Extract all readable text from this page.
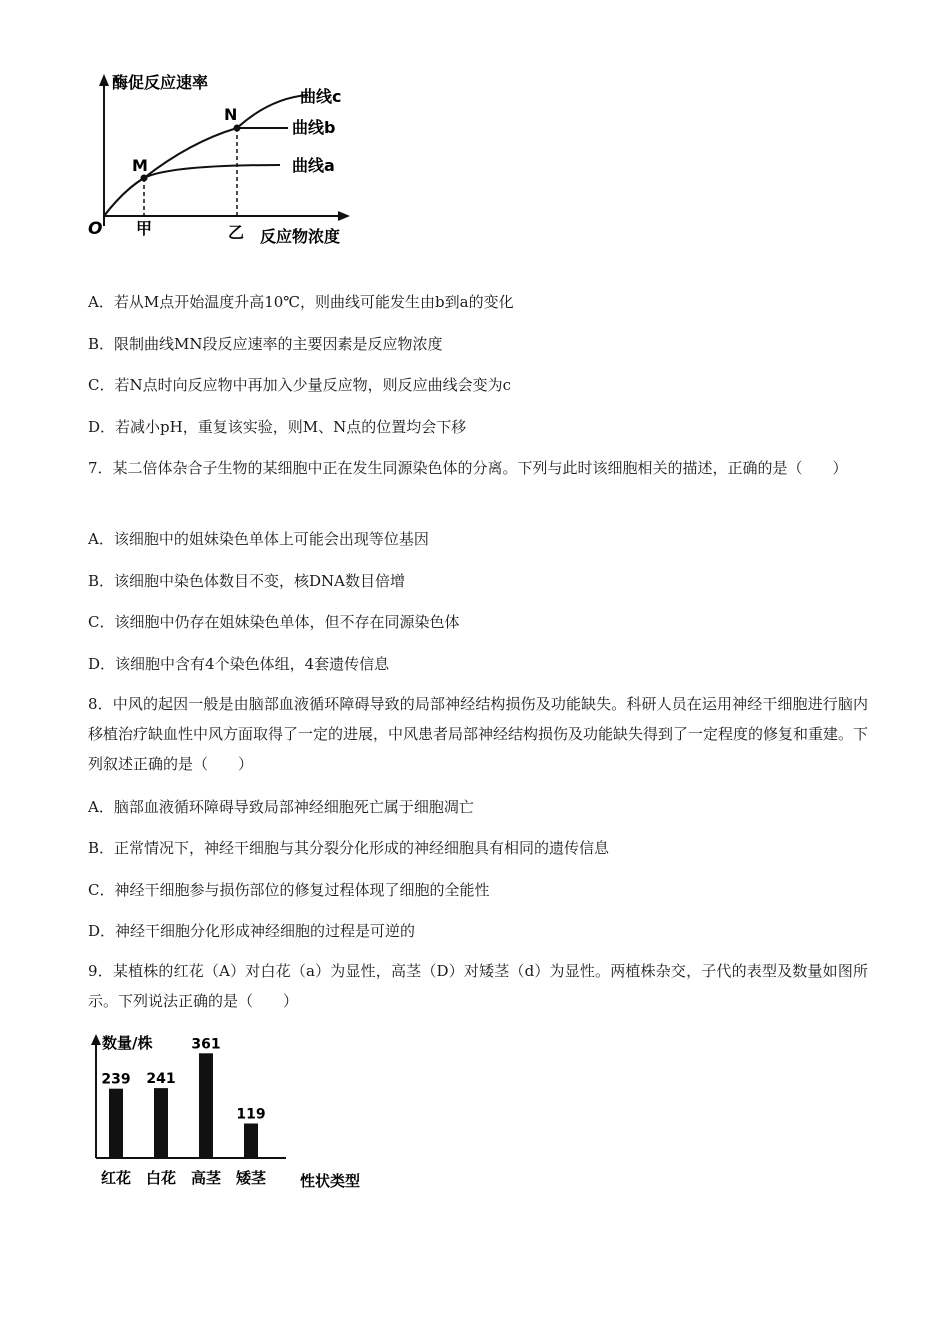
酶促反应速率
O 甲	乙 反应物浓度
M
N
曲线c
曲线b
曲线a
A．若从M点开始温度升高10℃，则曲线可能发生由b到a的变化
B．限制曲线MN段反应速率的主要因素是反应物浓度
C．若N点时向反应物中再加入少量反应物，则反应曲线会变为c
D．若减小pH，重复该实验，则M、N点的位置均会下移
7．某二倍体杂合子生物的某细胞中正在发生同源染色体的分离。下列与此时该细胞相关的描述，正确的是（　　）
A．该细胞中的姐妹染色单体上可能会出现等位基因
B．该细胞中染色体数目不变，核DNA数目倍增
C．该细胞中仍存在姐妹染色单体，但不存在同源染色体
D．该细胞中含有4个染色体组，4套遗传信息
8．中风的起因一般是由脑部血液循环障碍导致的局部神经结构损伤及功能缺失。科研人员在运用神经干细胞进行脑内移植治疗缺血性中风方面取得了一定的进展，中风患者局部神经结构损伤及功能缺失得到了一定程度的修复和重建。下列叙述正确的是（　　）
A．脑部血液循环障碍导致局部神经细胞死亡属于细胞凋亡
B．正常情况下，神经干细胞与其分裂分化形成的神经细胞具有相同的遗传信息
C．神经干细胞参与损伤部位的修复过程体现了细胞的全能性
D．神经干细胞分化形成神经细胞的过程是可逆的
9．某植株的红花（A）对白花（a）为显性，高茎（D）对矮茎（d）为显性。两植株杂交，子代的表型及数量如图所示。下列说法正确的是（　　）
数量/株
性状类型
239
红花
241
白花
361
高茎
119
矮茎
